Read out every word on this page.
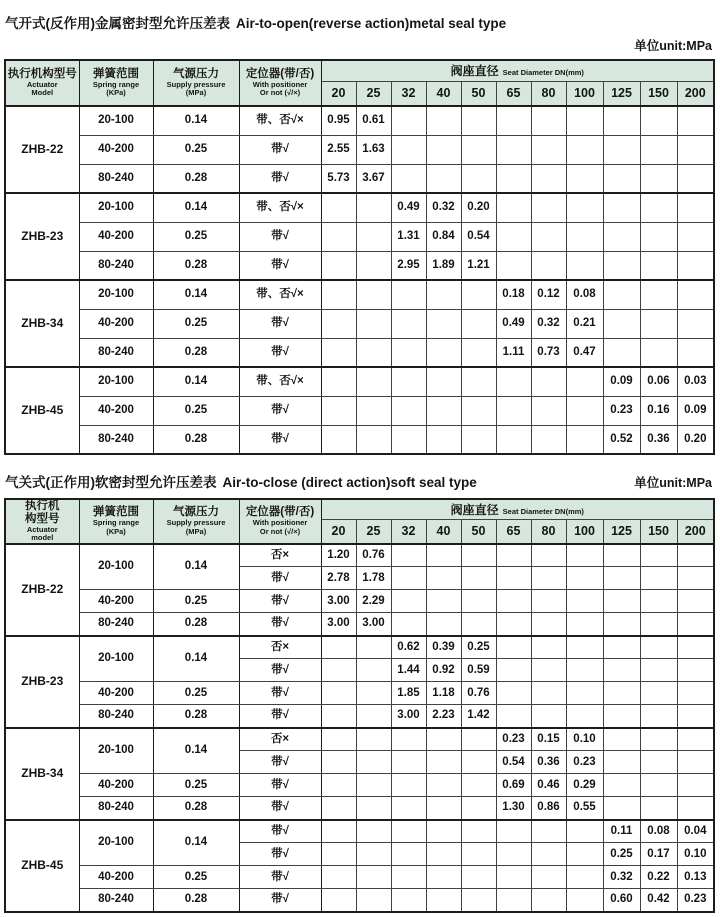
气开式(反作用)金属密封型允许压差表 Air-to-open(reverse action)metal seal type
单位unit:MPa
执行机构型号
Actuator
Model	弹簧范围
Spring range
(KPa)	气源压力
Supply pressure
(MPa)	定位器(带/否)
With positioner
Or not (√/×)	阀座直径 Seat Diameter DN(mm)										
				20	25	32	40	50	65	80	100	125	150	200
ZHB-22	20-100	0.14	带、否√×	0.95	0.61									
	40-200	0.25	带√	2.55	1.63									
	80-240	0.28	带√	5.73	3.67									
ZHB-23	20-100	0.14	带、否√×			0.49	0.32	0.20						
	40-200	0.25	带√			1.31	0.84	0.54						
	80-240	0.28	带√			2.95	1.89	1.21						
ZHB-34	20-100	0.14	带、否√×						0.18	0.12	0.08			
	40-200	0.25	带√						0.49	0.32	0.21			
	80-240	0.28	带√						1.11	0.73	0.47			
ZHB-45	20-100	0.14	带、否√×									0.09	0.06	0.03
	40-200	0.25	带√									0.23	0.16	0.09
	80-240	0.28	带√									0.52	0.36	0.20
气关式(正作用)软密封型允许压差表 Air-to-close (direct action)soft seal type	单位unit:MPa
执行机
构型号
Actuator
model	弹簧范围
Spring range
(KPa)	气源压力
Supply pressure
(MPa)	定位器(带/否)
With positioner
Or not (√/×)	阀座直径 Seat Diameter DN(mm)										
				20	25	32	40	50	65	80	100	125	150	200
ZHB-22	20-100	0.14	否×	1.20	0.76									
			带√	2.78	1.78									
	40-200	0.25	带√	3.00	2.29									
	80-240	0.28	带√	3.00	3.00									
ZHB-23	20-100	0.14	否×			0.62	0.39	0.25						
			带√			1.44	0.92	0.59						
	40-200	0.25	带√			1.85	1.18	0.76						
	80-240	0.28	带√			3.00	2.23	1.42						
ZHB-34	20-100	0.14	否×						0.23	0.15	0.10			
			带√						0.54	0.36	0.23			
	40-200	0.25	带√						0.69	0.46	0.29			
	80-240	0.28	带√						1.30	0.86	0.55			
ZHB-45	20-100	0.14	带√									0.11	0.08	0.04
			带√									0.25	0.17	0.10
	40-200	0.25	带√									0.32	0.22	0.13
	80-240	0.28	带√									0.60	0.42	0.23
